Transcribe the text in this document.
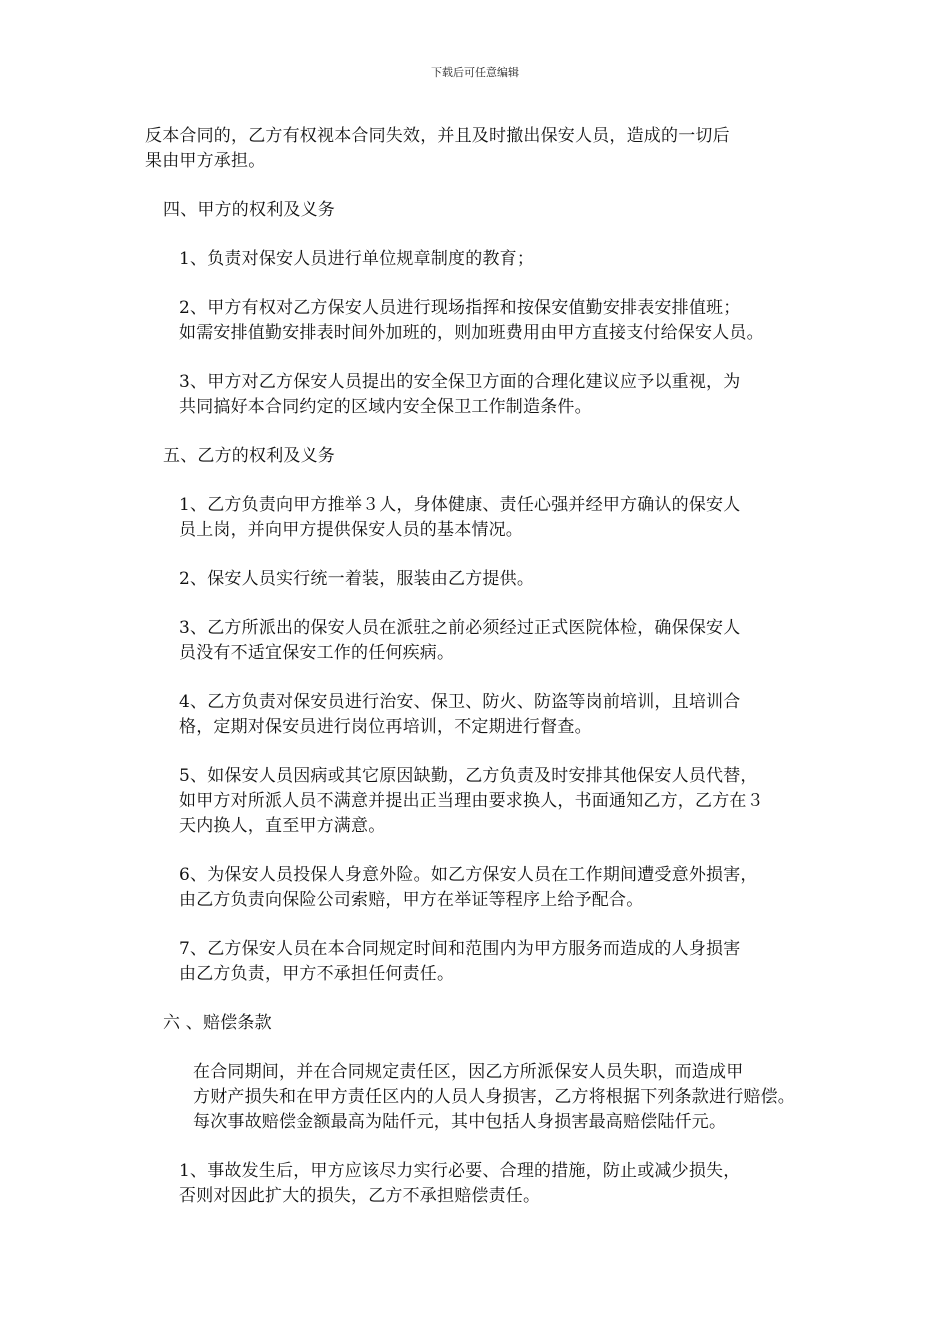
下载后可任意编辑

反本合同的，乙方有权视本合同失效，并且及时撤出保安人员，造成的一切后
果由甲方承担。

四、甲方的权利及义务

1、负责对保安人员进行单位规章制度的教育；

2、甲方有权对乙方保安人员进行现场指挥和按保安值勤安排表安排值班；
如需安排值勤安排表时间外加班的，则加班费用由甲方直接支付给保安人员。

3、甲方对乙方保安人员提出的安全保卫方面的合理化建议应予以重视，为
共同搞好本合同约定的区域内安全保卫工作制造条件。

五、乙方的权利及义务

1、乙方负责向甲方推举３人，身体健康、责任心强并经甲方确认的保安人
员上岗，并向甲方提供保安人员的基本情况。

2、保安人员实行统一着装，服装由乙方提供。

3、乙方所派出的保安人员在派驻之前必须经过正式医院体检，确保保安人
员没有不适宜保安工作的任何疾病。

4、乙方负责对保安员进行治安、保卫、防火、防盗等岗前培训，且培训合
格，定期对保安员进行岗位再培训，不定期进行督查。

5、如保安人员因病或其它原因缺勤，乙方负责及时安排其他保安人员代替，
如甲方对所派人员不满意并提出正当理由要求换人，书面通知乙方，乙方在３
天内换人，直至甲方满意。

6、为保安人员投保人身意外险。如乙方保安人员在工作期间遭受意外损害，
由乙方负责向保险公司索赔，甲方在举证等程序上给予配合。

7、乙方保安人员在本合同规定时间和范围内为甲方服务而造成的人身损害
由乙方负责，甲方不承担任何责任。

六 、赔偿条款

在合同期间，并在合同规定责任区，因乙方所派保安人员失职，而造成甲
方财产损失和在甲方责任区内的人员人身损害，乙方将根据下列条款进行赔偿。
每次事故赔偿金额最高为陆仟元，其中包括人身损害最高赔偿陆仟元。

1、事故发生后，甲方应该尽力实行必要、合理的措施，防止或减少损失，
否则对因此扩大的损失，乙方不承担赔偿责任。
